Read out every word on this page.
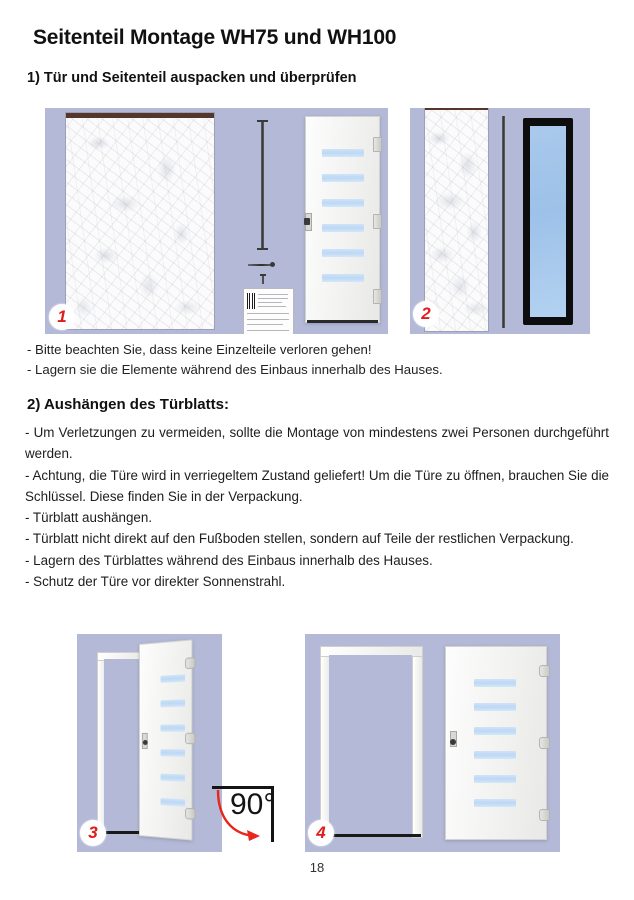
Seitenteil Montage WH75 und WH100
1) Tür und Seitenteil auspacken und überprüfen
1	2
- Bitte beachten Sie, dass keine Einzelteile verloren gehen!
- Lagern sie die Elemente während des Einbaus innerhalb des Hauses.
2) Aushängen des Türblatts:

- Um Verletzungen zu vermeiden, sollte die Montage von mindestens zwei Personen durchgeführt werden.

- Achtung, die Türe wird in verriegeltem Zustand geliefert! Um die Türe zu öffnen, brauchen Sie die Schlüssel. Diese finden Sie in der Verpackung.

- Türblatt aushängen.

- Türblatt nicht direkt auf den Fußboden stellen, sondern auf Teile der restlichen Verpackung.

- Lagern des Türblattes während des Einbaus innerhalb des Hauses.

- Schutz der Türe vor direkter Sonnenstrahl.

3
90°
4
18
